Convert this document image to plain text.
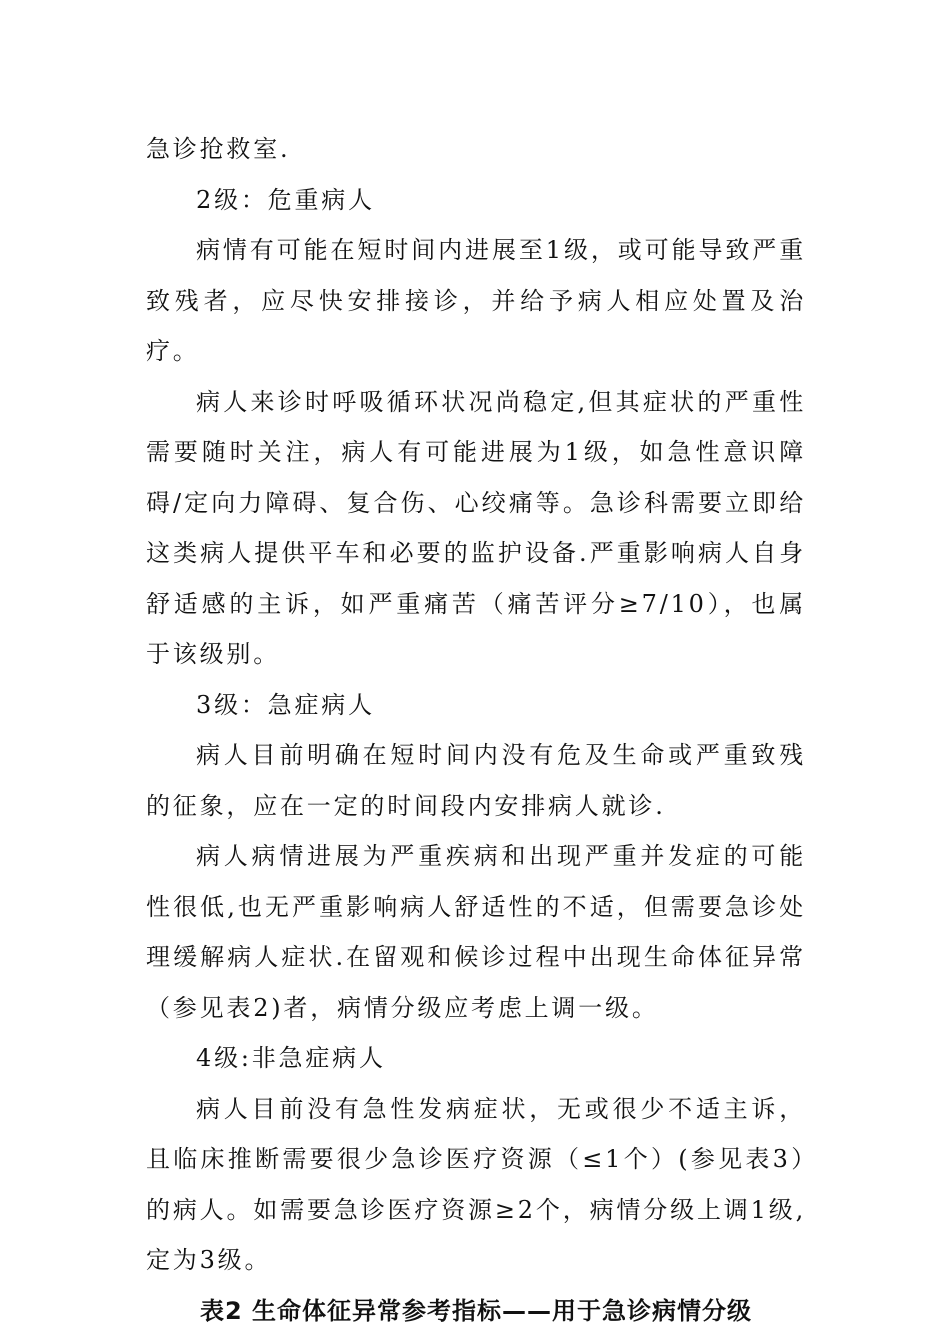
急诊抢救室.

2级：危重病人

病情有可能在短时间内进展至1级，或可能导致严重致残者，应尽快安排接诊，并给予病人相应处置及治疗。

病人来诊时呼吸循环状况尚稳定,但其症状的严重性需要随时关注，病人有可能进展为1级，如急性意识障碍/定向力障碍、复合伤、心绞痛等。急诊科需要立即给这类病人提供平车和必要的监护设备.严重影响病人自身舒适感的主诉，如严重痛苦（痛苦评分≥7/10），也属于该级别。

3级：急症病人

病人目前明确在短时间内没有危及生命或严重致残的征象，应在一定的时间段内安排病人就诊.

病人病情进展为严重疾病和出现严重并发症的可能性很低,也无严重影响病人舒适性的不适，但需要急诊处理缓解病人症状.在留观和候诊过程中出现生命体征异常（参见表2)者，病情分级应考虑上调一级。

4级:非急症病人

病人目前没有急性发病症状，无或很少不适主诉，且临床推断需要很少急诊医疗资源（≤1个）(参见表3）的病人。如需要急诊医疗资源≥2个，病情分级上调1级,定为3级。

表2 生命体征异常参考指标——用于急诊病情分级
